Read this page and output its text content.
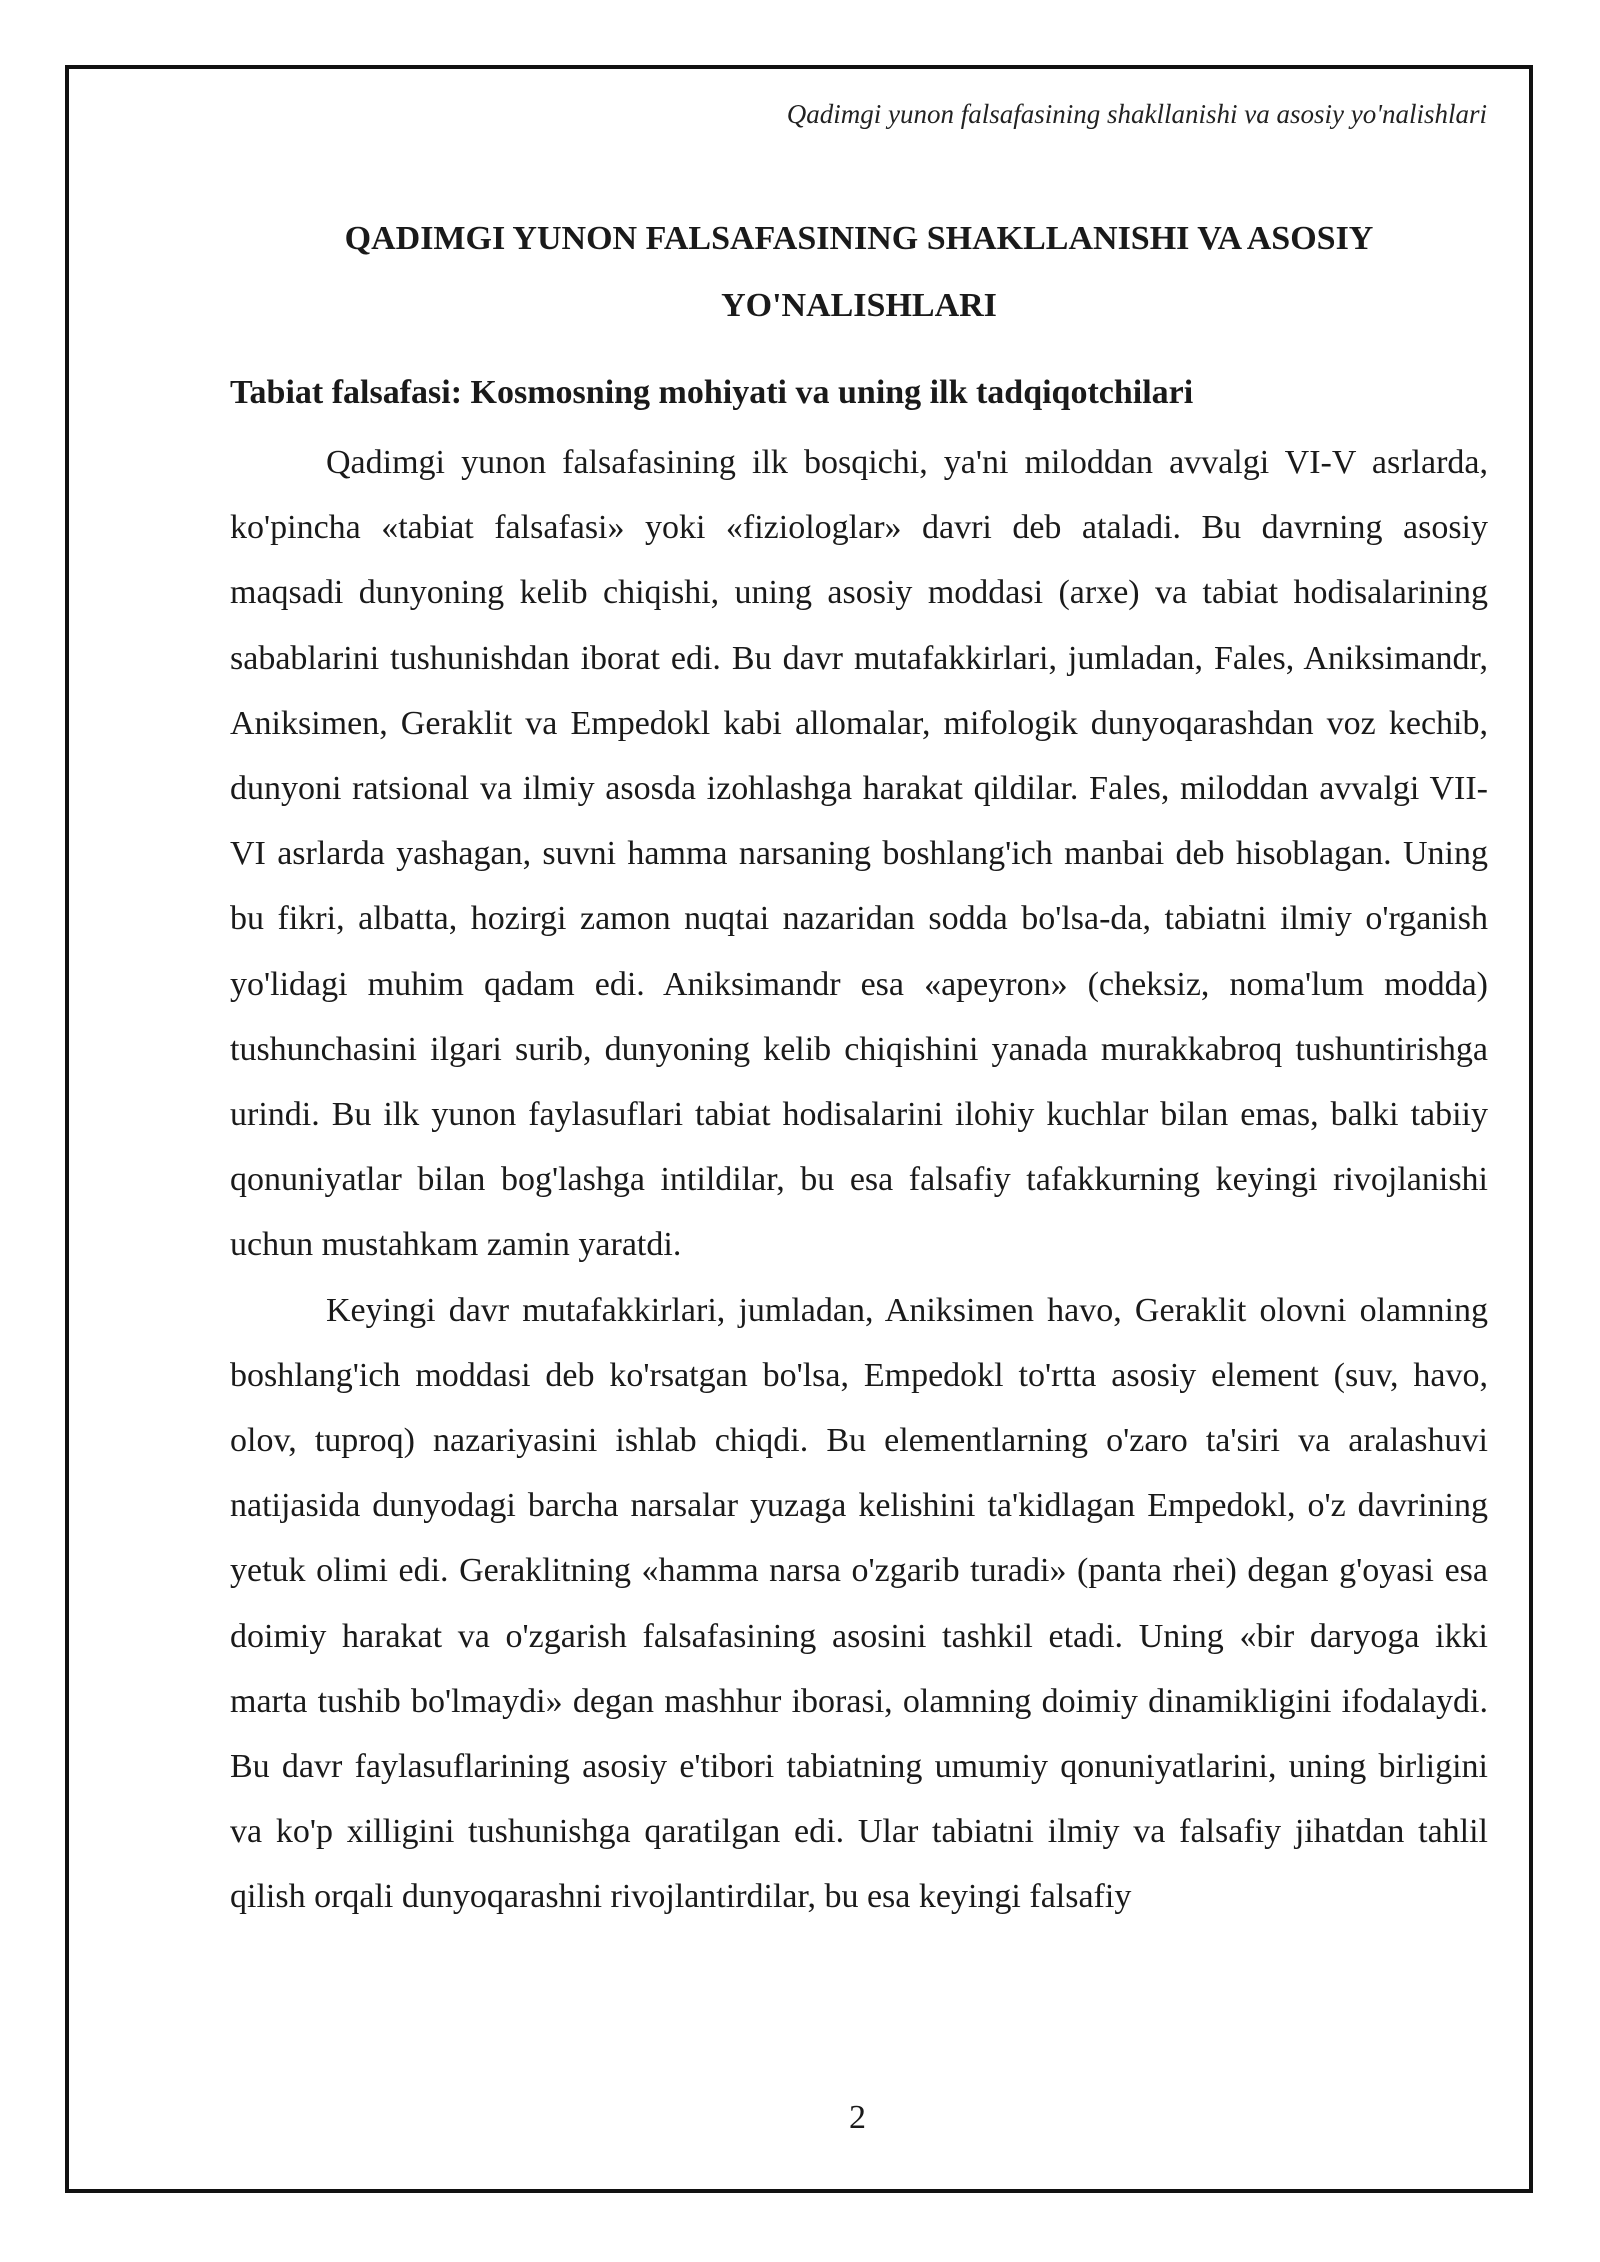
Qadimgi yunon falsafasining shakllanishi va asosiy yo'nalishlari
QADIMGI YUNON FALSAFASINING SHAKLLANISHI VA ASOSIY YO'NALISHLARI
Tabiat falsafasi: Kosmosning mohiyati va uning ilk tadqiqotchilari

Qadimgi yunon falsafasining ilk bosqichi, ya'ni miloddan avvalgi VI-V asrlarda, ko'pincha «tabiat falsafasi» yoki «fiziologlar» davri deb ataladi. Bu davrning asosiy maqsadi dunyoning kelib chiqishi, uning asosiy moddasi (arxe) va tabiat hodisalarining sabablarini tushunishdan iborat edi. Bu davr mutafakkirlari, jumladan, Fales, Aniksimandr, Aniksimen, Geraklit va Empedokl kabi allomalar, mifologik dunyoqarashdan voz kechib, dunyoni ratsional va ilmiy asosda izohlashga harakat qildilar. Fales, miloddan avvalgi VII-VI asrlarda yashagan, suvni hamma narsaning boshlang'ich manbai deb hisoblagan. Uning bu fikri, albatta, hozirgi zamon nuqtai nazaridan sodda bo'lsa-da, tabiatni ilmiy o'rganish yo'lidagi muhim qadam edi. Aniksimandr esa «apeyron» (cheksiz, noma'lum modda) tushunchasini ilgari surib, dunyoning kelib chiqishini yanada murakkabroq tushuntirishga urindi. Bu ilk yunon faylasuflari tabiat hodisalarini ilohiy kuchlar bilan emas, balki tabiiy qonuniyatlar bilan bog'lashga intildilar, bu esa falsafiy tafakkurning keyingi rivojlanishi uchun mustahkam zamin yaratdi.

Keyingi davr mutafakkirlari, jumladan, Aniksimen havo, Geraklit olovni olamning boshlang'ich moddasi deb ko'rsatgan bo'lsa, Empedokl to'rtta asosiy element (suv, havo, olov, tuproq) nazariyasini ishlab chiqdi. Bu elementlarning o'zaro ta'siri va aralashuvi natijasida dunyodagi barcha narsalar yuzaga kelishini ta'kidlagan Empedokl, o'z davrining yetuk olimi edi. Geraklitning «hamma narsa o'zgarib turadi» (panta rhei) degan g'oyasi esa doimiy harakat va o'zgarish falsafasining asosini tashkil etadi. Uning «bir daryoga ikki marta tushib bo'lmaydi» degan mashhur iborasi, olamning doimiy dinamikligini ifodalaydi. Bu davr faylasuflarining asosiy e'tibori tabiatning umumiy qonuniyatlarini, uning birligini va ko'p xilligini tushunishga qaratilgan edi. Ular tabiatni ilmiy va falsafiy jihatdan tahlil qilish orqali dunyoqarashni rivojlantirdilar, bu esa keyingi falsafiy

2
